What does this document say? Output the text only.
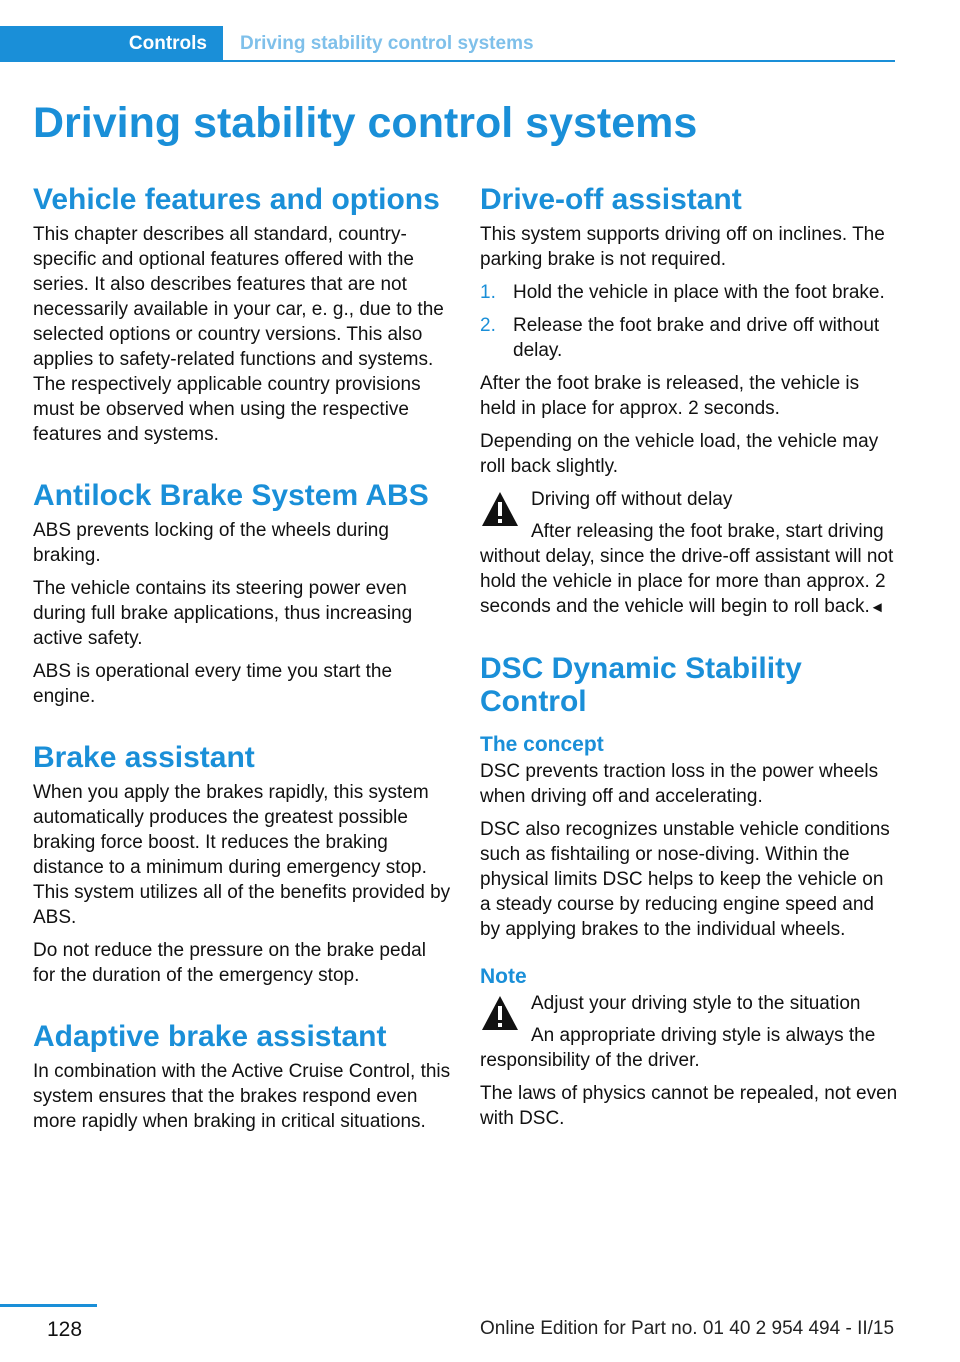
Controls Driving stability control systems
Driving stability control systems
Vehicle features and options

This chapter describes all standard, country-specific and optional features offered with the series. It also describes features that are not necessarily available in your car, e. g., due to the selected options or country versions. This also applies to safety-related functions and systems. The respectively applicable country provisions must be observed when using the respective features and systems.

Antilock Brake System ABS

ABS prevents locking of the wheels during braking.

The vehicle contains its steering power even during full brake applications, thus increasing active safety.

ABS is operational every time you start the engine.

Brake assistant

When you apply the brakes rapidly, this system automatically produces the greatest possible braking force boost. It reduces the braking distance to a minimum during emergency stop. This system utilizes all of the benefits provided by ABS.

Do not reduce the pressure on the brake pedal for the duration of the emergency stop.

Adaptive brake assistant

In combination with the Active Cruise Control, this system ensures that the brakes respond even more rapidly when braking in critical situations.

Drive-off assistant

This system supports driving off on inclines. The parking brake is not required.

1. Hold the vehicle in place with the foot brake.
2. Release the foot brake and drive off without delay.

After the foot brake is released, the vehicle is held in place for approx. 2 seconds.

Depending on the vehicle load, the vehicle may roll back slightly.

Driving off without delay

After releasing the foot brake, start driving without delay, since the drive-off assistant will not hold the vehicle in place for more than approx. 2 seconds and the vehicle will begin to roll back.◄

DSC Dynamic Stability Control
The concept

DSC prevents traction loss in the power wheels when driving off and accelerating.

DSC also recognizes unstable vehicle conditions such as fishtailing or nose-diving. Within the physical limits DSC helps to keep the vehicle on a steady course by reducing engine speed and by applying brakes to the individual wheels.

Note

Adjust your driving style to the situation

An appropriate driving style is always the responsibility of the driver.

The laws of physics cannot be repealed, not even with DSC.

128	Online Edition for Part no. 01 40 2 954 494 - II/15
